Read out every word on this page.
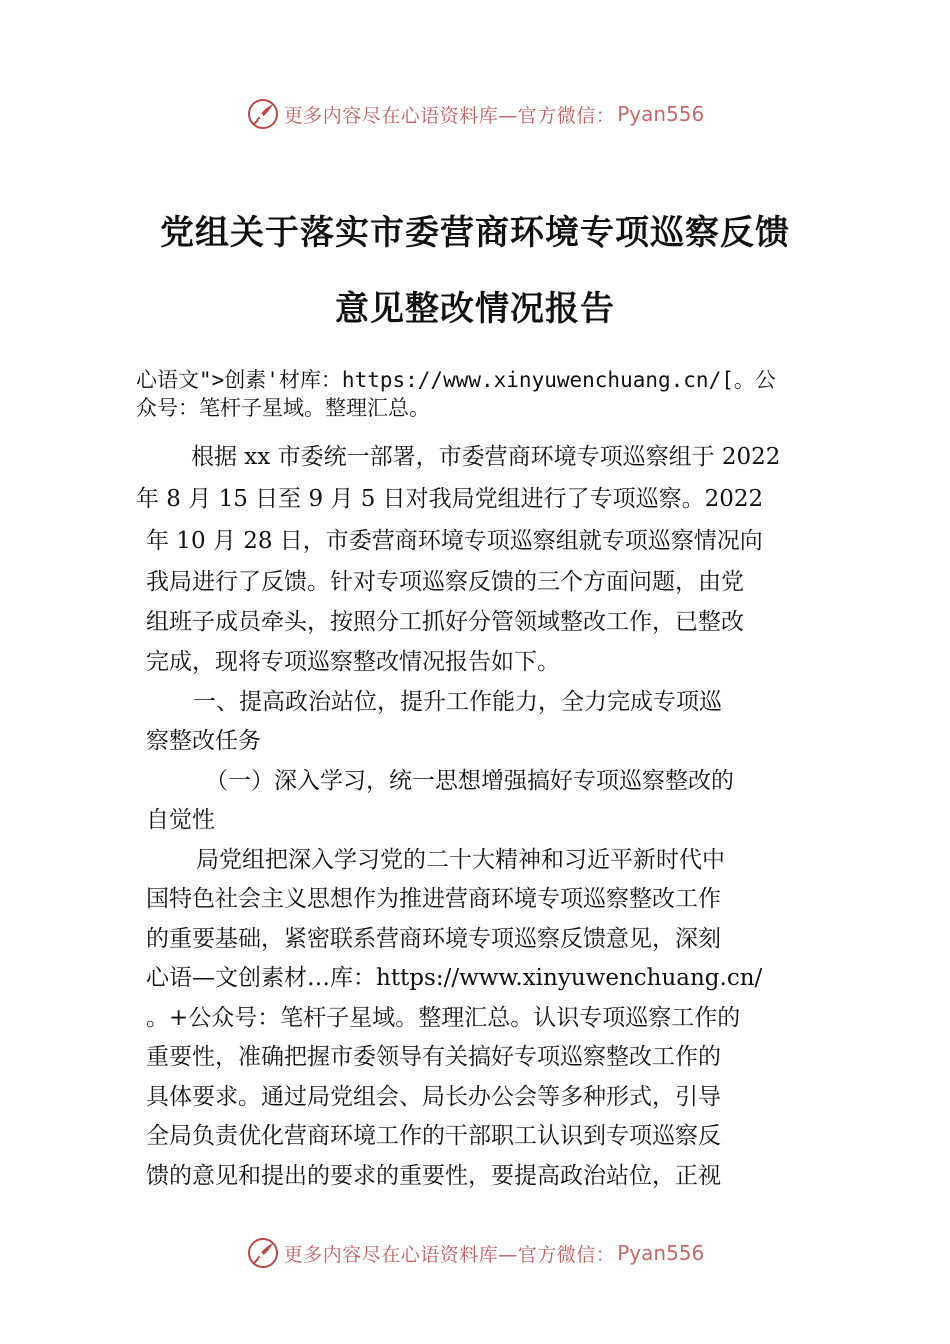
更多内容尽在心语资料库—官方微信： Pyan556
党组关于落实市委营商环境专项巡察反馈
意见整改情况报告
心语文">创素'材库：https://www.xinyuwenchuang.cn/[。公
众号：笔杆子星域。整理汇总。
根据 xx 市委统一部署，市委营商环境专项巡察组于 2022
年 8 月 15 日至 9 月 5 日对我局党组进行了专项巡察。2022
年 10 月 28 日，市委营商环境专项巡察组就专项巡察情况向
我局进行了反馈。针对专项巡察反馈的三个方面问题，由党
组班子成员牵头，按照分工抓好分管领域整改工作，已整改
完成，现将专项巡察整改情况报告如下。
一、提高政治站位，提升工作能力，全力完成专项巡
察整改任务
（一）深入学习，统一思想增强搞好专项巡察整改的
自觉性
局党组把深入学习党的二十大精神和习近平新时代中
国特色社会主义思想作为推进营商环境专项巡察整改工作
的重要基础，紧密联系营商环境专项巡察反馈意见，深刻
心语—文创素材…库：https://www.xinyuwenchuang.cn/
。+公众号：笔杆子星域。整理汇总。认识专项巡察工作的
重要性，准确把握市委领导有关搞好专项巡察整改工作的
具体要求。通过局党组会、局长办公会等多种形式，引导
全局负责优化营商环境工作的干部职工认识到专项巡察反
馈的意见和提出的要求的重要性，要提高政治站位，正视
更多内容尽在心语资料库—官方微信： Pyan556
